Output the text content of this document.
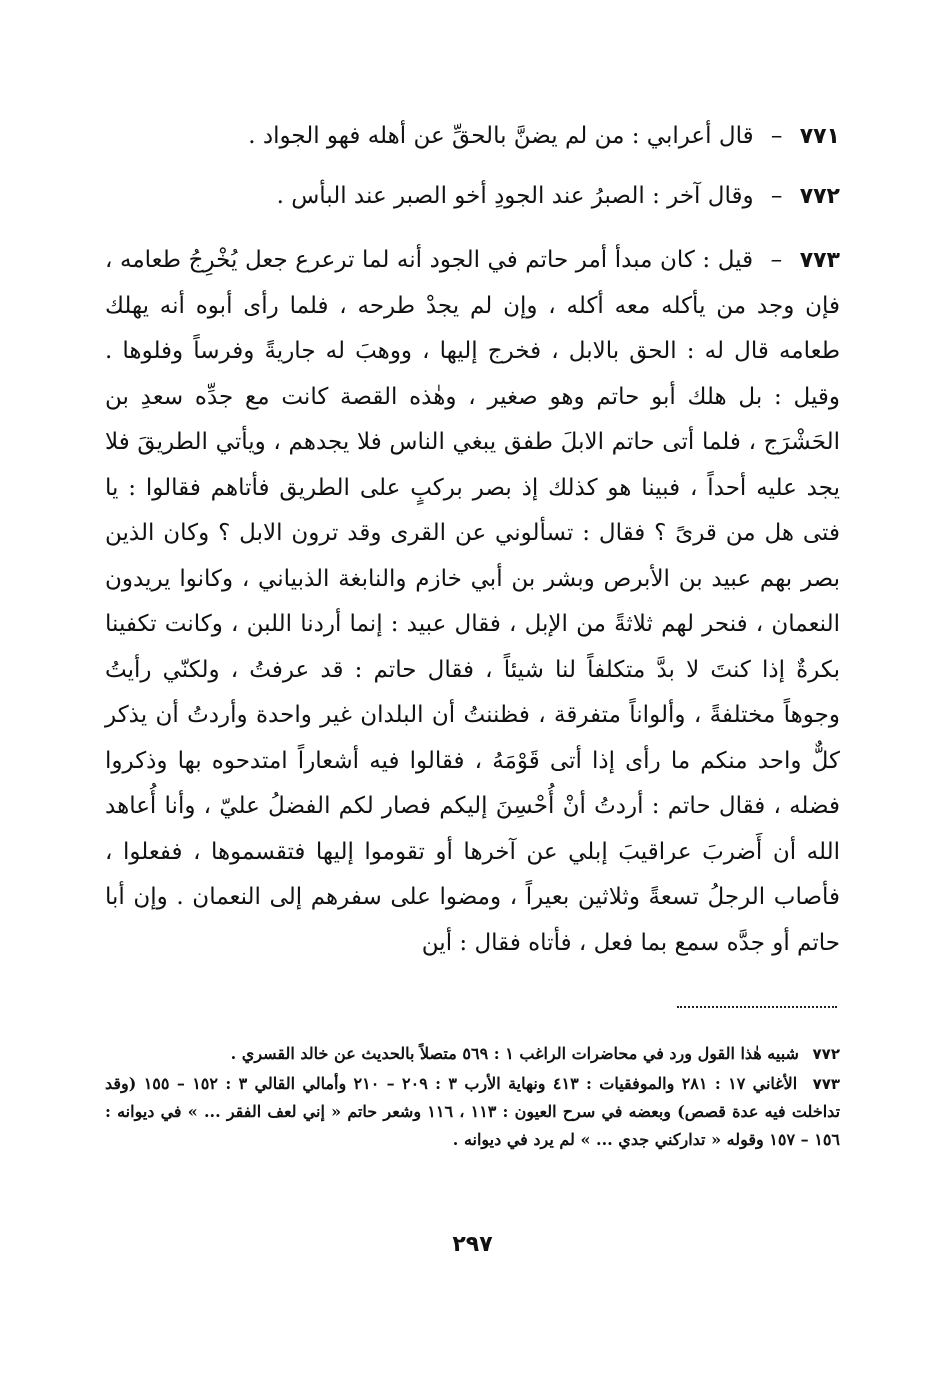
٧٧١ – قال أعرابي : من لم يضنَّ بالحقِّ عن أهله فهو الجواد .

٧٧٢ – وقال آخر : الصبرُ عند الجودِ أخو الصبر عند البأس .

٧٧٣ – قيل : كان مبدأ أمر حاتم في الجود أنه لما ترعرع جعل يُخْرِجُ طعامه ، فإن وجد من يأكله معه أكله ، وإن لم يجدْ طرحه ، فلما رأى أبوه أنه يهلك طعامه قال له : الحق بالابل ، فخرج إليها ، ووهبَ له جاريةً وفرساً وفلوها . وقيل : بل هلك أبو حاتم وهو صغير ، وهٰذه القصة كانت مع جدِّه سعدِ بن الحَشْرَج ، فلما أتى حاتم الابلَ طفق يبغي الناس فلا يجدهم ، ويأتي الطريقَ فلا يجد عليه أحداً ، فبينا هو كذلك إذ بصر بركبٍ على الطريق فأتاهم فقالوا : يا فتى هل من قرىً ؟ فقال : تسألوني عن القرى وقد ترون الابل ؟ وكان الذين بصر بهم عبيد بن الأبرص وبشر بن أبي خازم والنابغة الذبياني ، وكانوا يريدون النعمان ، فنحر لهم ثلاثةً من الإبل ، فقال عبيد : إنما أردنا اللبن ، وكانت تكفينا بكرةٌ إذا كنتَ لا بدَّ متكلفاً لنا شيئاً ، فقال حاتم : قد عرفتُ ، ولكنّي رأيتُ وجوهاً مختلفةً ، وألواناً متفرقة ، فظننتُ أن البلدان غير واحدة وأردتُ أن يذكر كلٌّ واحد منكم ما رأى إذا أتى قَوْمَهُ ، فقالوا فيه أشعاراً امتدحوه بها وذكروا فضله ، فقال حاتم : أردتُ أنْ أُحْسِنَ إليكم فصار لكم الفضلُ عليّ ، وأنا أُعاهد الله أن أَضربَ عراقيبَ إبلي عن آخرها أو تقوموا إليها فتقسموها ، ففعلوا ، فأصاب الرجلُ تسعةً وثلاثين بعيراً ، ومضوا على سفرهم إلى النعمان . وإن أبا حاتم أو جدَّه سمع بما فعل ، فأتاه فقال : أين

٧٧٢ شبيه هٰذا القول ورد في محاضرات الراغب ١ : ٥٦٩ متصلاً بالحديث عن خالد القسري .

٧٧٣ الأغاني ١٧ : ٢٨١ والموفقيات : ٤١٣ ونهاية الأرب ٣ : ٢٠٩ – ٢١٠ وأمالي القالي ٣ : ١٥٢ – ١٥٥ (وقد تداخلت فيه عدة قصص) وبعضه في سرح العيون : ١١٣ ، ١١٦ وشعر حاتم « إني لعف الفقر ... » في ديوانه : ١٥٦ – ١٥٧ وقوله « تداركني جدي ... » لم يرد في ديوانه .

٢٩٧
